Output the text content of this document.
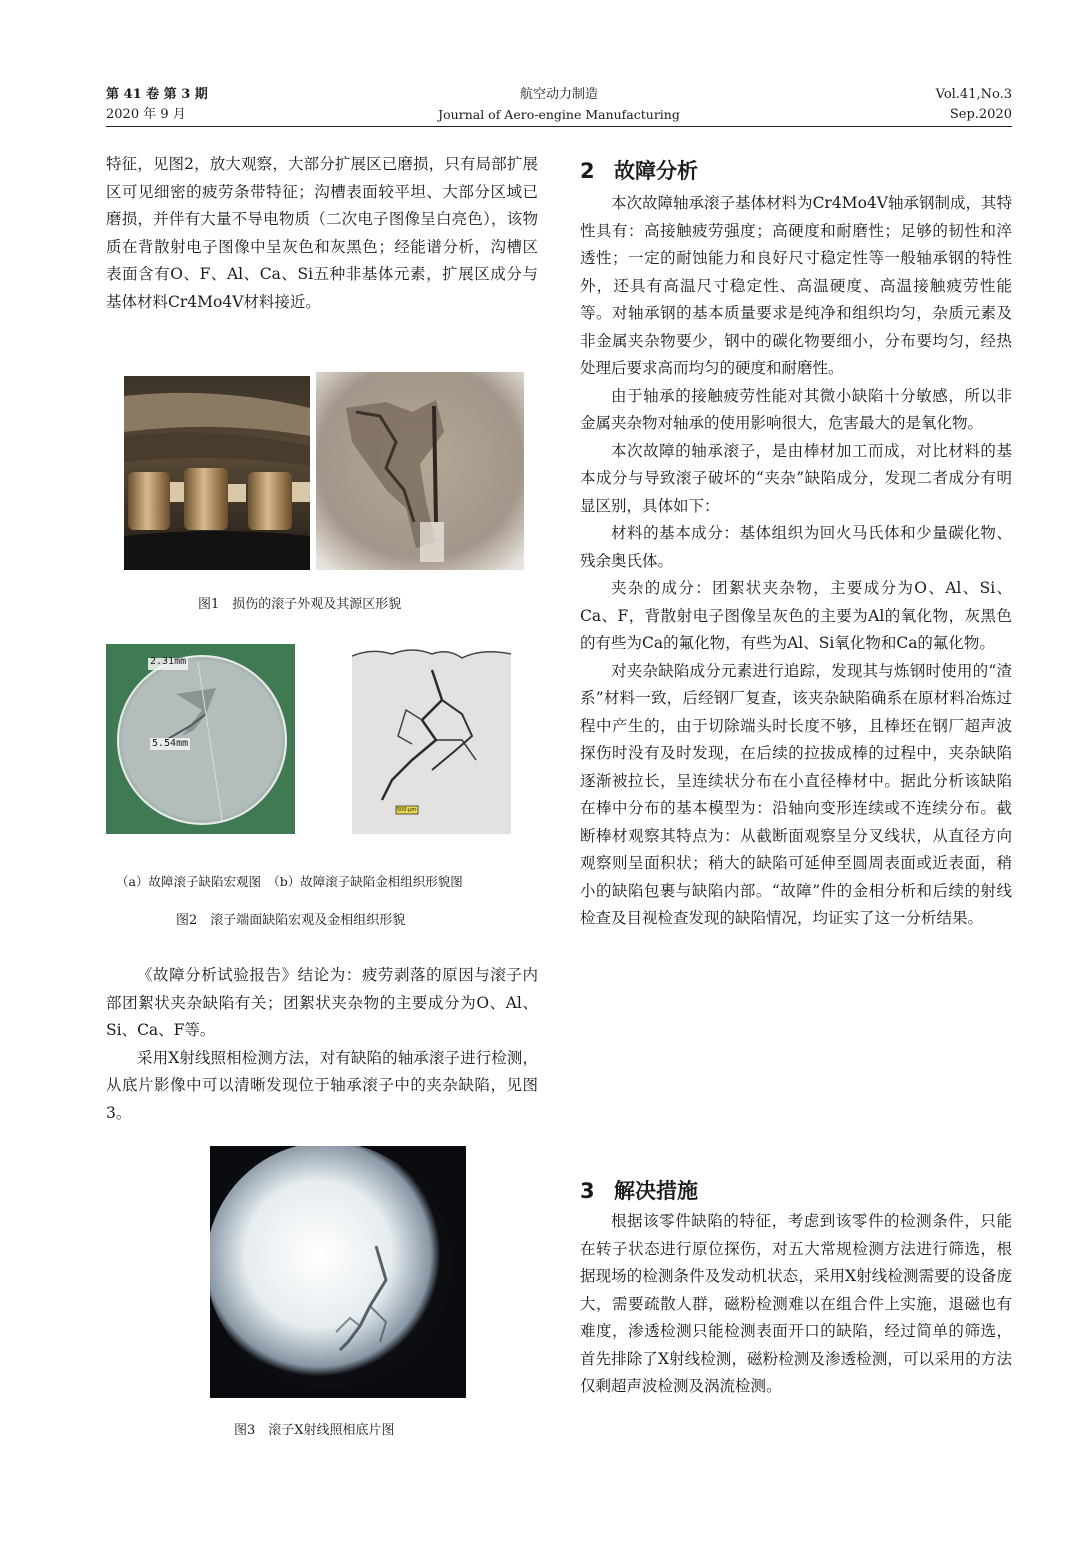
第 41 卷 第 3 期
2020 年 9 月
航空动力制造
Journal of Aero-engine Manufacturing
Vol.41,No.3
Sep.2020

特征，见图2，放大观察，大部分扩展区已磨损，只有局部扩展区可见细密的疲劳条带特征；沟槽表面较平坦、大部分区域已磨损，并伴有大量不导电物质（二次电子图像呈白亮色），该物质在背散射电子图像中呈灰色和灰黑色；经能谱分析，沟槽区表面含有O、F、Al、Ca、Si五种非基体元素，扩展区成分与基体材料Cr4Mo4V材料接近。

图1　损伤的滚子外观及其源区形貌
2.31mm
5.54mm
500 μm
（a）故障滚子缺陷宏观图　（b）故障滚子缺陷金相组织形貌图
图2　滚子端面缺陷宏观及金相组织形貌

《故障分析试验报告》结论为：疲劳剥落的原因与滚子内部团絮状夹杂缺陷有关；团絮状夹杂物的主要成分为O、Al、Si、Ca、F等。

采用X射线照相检测方法，对有缺陷的轴承滚子进行检测，从底片影像中可以清晰发现位于轴承滚子中的夹杂缺陷，见图3。

图3　滚子X射线照相底片图
2 故障分析

本次故障轴承滚子基体材料为Cr4Mo4V轴承钢制成，其特性具有：高接触疲劳强度；高硬度和耐磨性；足够的韧性和淬透性；一定的耐蚀能力和良好尺寸稳定性等一般轴承钢的特性外，还具有高温尺寸稳定性、高温硬度、高温接触疲劳性能等。对轴承钢的基本质量要求是纯净和组织均匀，杂质元素及非金属夹杂物要少，钢中的碳化物要细小，分布要均匀，经热处理后要求高而均匀的硬度和耐磨性。

由于轴承的接触疲劳性能对其微小缺陷十分敏感，所以非金属夹杂物对轴承的使用影响很大，危害最大的是氧化物。

本次故障的轴承滚子，是由棒材加工而成，对比材料的基本成分与导致滚子破坏的“夹杂”缺陷成分，发现二者成分有明显区别，具体如下：

材料的基本成分：基体组织为回火马氏体和少量碳化物、残余奥氏体。

夹杂的成分：团絮状夹杂物，主要成分为O、Al、Si、Ca、F，背散射电子图像呈灰色的主要为Al的氧化物，灰黑色的有些为Ca的氟化物，有些为Al、Si氧化物和Ca的氟化物。

对夹杂缺陷成分元素进行追踪，发现其与炼钢时使用的“渣系”材料一致，后经钢厂复查，该夹杂缺陷确系在原材料冶炼过程中产生的，由于切除端头时长度不够，且棒坯在钢厂超声波探伤时没有及时发现，在后续的拉拔成棒的过程中，夹杂缺陷逐渐被拉长，呈连续状分布在小直径棒材中。据此分析该缺陷在棒中分布的基本模型为：沿轴向变形连续或不连续分布。截断棒材观察其特点为：从截断面观察呈分叉线状，从直径方向观察则呈面积状；稍大的缺陷可延伸至圆周表面或近表面，稍小的缺陷包裹与缺陷内部。“故障”件的金相分析和后续的射线检查及目视检查发现的缺陷情况，均证实了这一分析结果。

3 解决措施

根据该零件缺陷的特征，考虑到该零件的检测条件，只能在转子状态进行原位探伤，对五大常规检测方法进行筛选，根据现场的检测条件及发动机状态，采用X射线检测需要的设备庞大，需要疏散人群，磁粉检测难以在组合件上实施，退磁也有难度，渗透检测只能检测表面开口的缺陷，经过简单的筛选，首先排除了X射线检测，磁粉检测及渗透检测，可以采用的方法仅剩超声波检测及涡流检测。
